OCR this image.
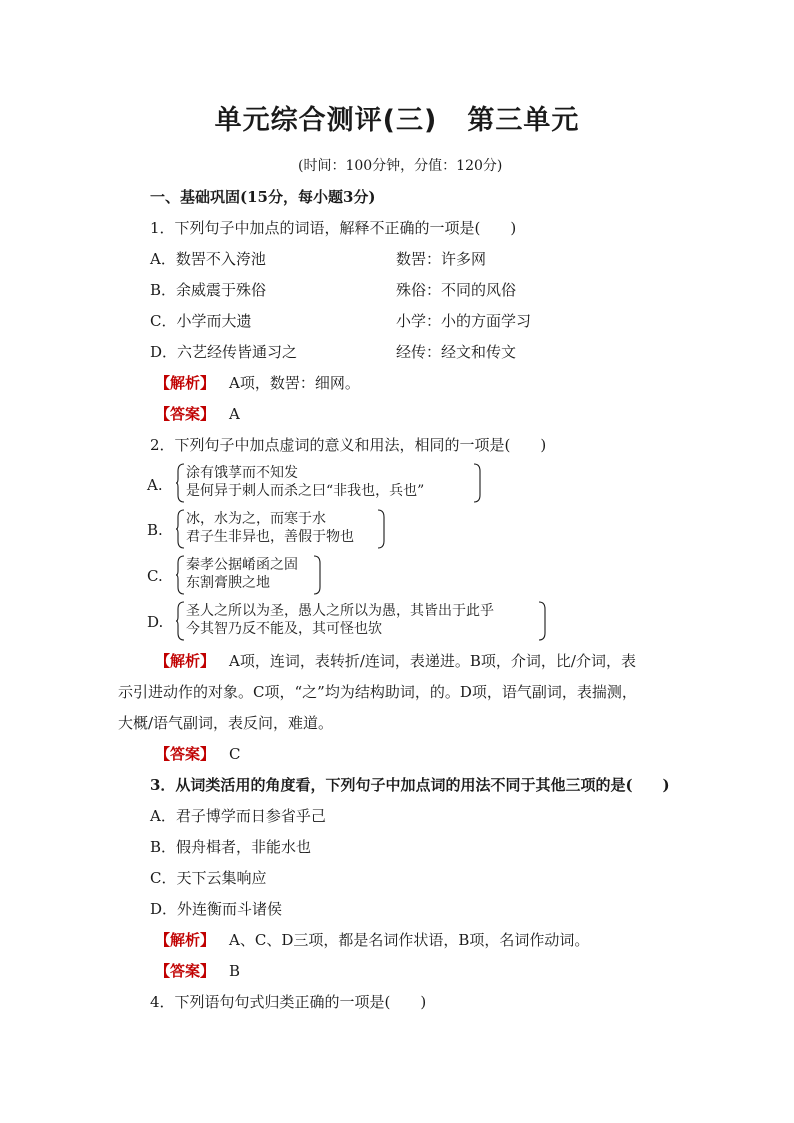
单元综合测评(三) 第三单元
(时间：100分钟，分值：120分)
一、基础巩固(15分，每小题3分)
1．下列句子中加点的词语，解释不正确的一项是(　　)
A．数罟不入洿池	数罟：许多网
B．余威震于殊俗	殊俗：不同的风俗
C．小学而大遗	小学：小的方面学习
D．六艺经传皆通习之	经传：经文和传文
【解析】 A项，数罟：细网。
【答案】 A
2．下列句子中加点虚词的意义和用法，相同的一项是(　　)
A.
涂有饿莩而不知发
是何异于刺人而杀之曰“非我也，兵也”
B.
冰，水为之，而寒于水
君子生非异也，善假于物也
C.
秦孝公据崤函之固
东割膏腴之地
D.
圣人之所以为圣，愚人之所以为愚，其皆出于此乎
今其智乃反不能及，其可怪也欤
【解析】 A项，连词，表转折/连词，表递进。B项，介词，比/介词，表
示引进动作的对象。C项，“之”均为结构助词，的。D项，语气副词，表揣测，
大概/语气副词，表反问，难道。
【答案】 C
3．从词类活用的角度看，下列句子中加点词的用法不同于其他三项的是(　　)
A．君子博学而日参省乎己
B．假舟楫者，非能水也
C．天下云集响应
D．外连衡而斗诸侯
【解析】 A、C、D三项，都是名词作状语，B项，名词作动词。
【答案】 B
4．下列语句句式归类正确的一项是(　　)
